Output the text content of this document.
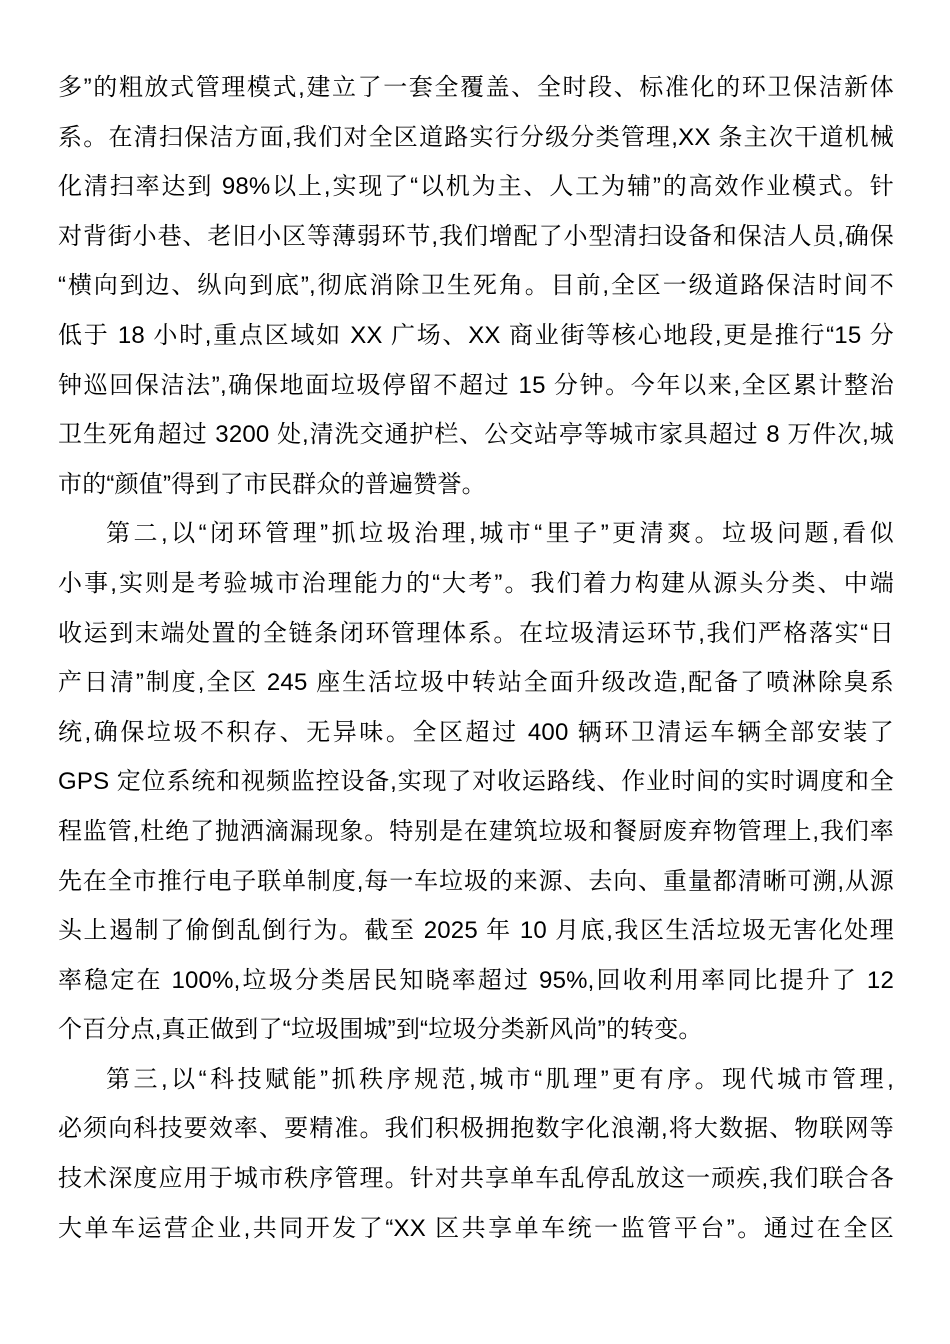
多”的粗放式管理模式,建立了一套全覆盖、全时段、标准化的环卫保洁新体
系。在清扫保洁方面,我们对全区道路实行分级分类管理,XX 条主次干道机械
化清扫率达到 98%以上,实现了“以机为主、人工为辅”的高效作业模式。针
对背街小巷、老旧小区等薄弱环节,我们增配了小型清扫设备和保洁人员,确保
“横向到边、纵向到底”,彻底消除卫生死角。目前,全区一级道路保洁时间不
低于 18 小时,重点区域如 XX 广场、XX 商业街等核心地段,更是推行“15 分
钟巡回保洁法”,确保地面垃圾停留不超过 15 分钟。今年以来,全区累计整治
卫生死角超过 3200 处,清洗交通护栏、公交站亭等城市家具超过 8 万件次,城
市的“颜值”得到了市民群众的普遍赞誉。
第二,以“闭环管理”抓垃圾治理,城市“里子”更清爽。垃圾问题,看似
小事,实则是考验城市治理能力的“大考”。我们着力构建从源头分类、中端
收运到末端处置的全链条闭环管理体系。在垃圾清运环节,我们严格落实“日
产日清”制度,全区 245 座生活垃圾中转站全面升级改造,配备了喷淋除臭系
统,确保垃圾不积存、无异味。全区超过 400 辆环卫清运车辆全部安装了
GPS 定位系统和视频监控设备,实现了对收运路线、作业时间的实时调度和全
程监管,杜绝了抛洒滴漏现象。特别是在建筑垃圾和餐厨废弃物管理上,我们率
先在全市推行电子联单制度,每一车垃圾的来源、去向、重量都清晰可溯,从源
头上遏制了偷倒乱倒行为。截至 2025 年 10 月底,我区生活垃圾无害化处理
率稳定在 100%,垃圾分类居民知晓率超过 95%,回收利用率同比提升了 12
个百分点,真正做到了“垃圾围城”到“垃圾分类新风尚”的转变。
第三,以“科技赋能”抓秩序规范,城市“肌理”更有序。现代城市管理,
必须向科技要效率、要精准。我们积极拥抱数字化浪潮,将大数据、物联网等
技术深度应用于城市秩序管理。针对共享单车乱停乱放这一顽疾,我们联合各
大单车运营企业,共同开发了“XX 区共享单车统一监管平台”。通过在全区
